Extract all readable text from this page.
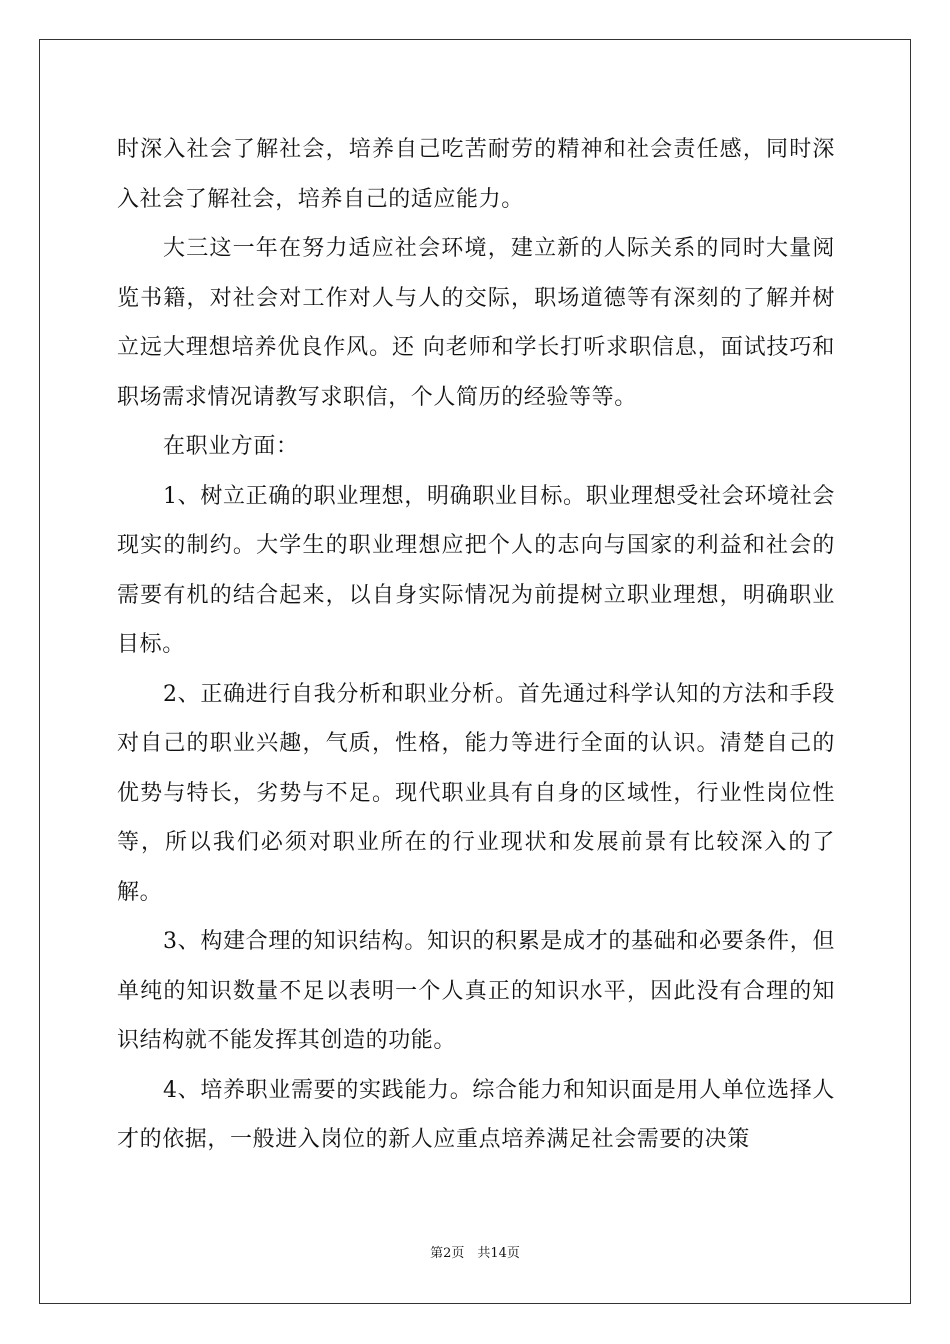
时深入社会了解社会，培养自己吃苦耐劳的精神和社会责任感，同时深入社会了解社会，培养自己的适应能力。

大三这一年在努力适应社会环境，建立新的人际关系的同时大量阅览书籍，对社会对工作对人与人的交际，职场道德等有深刻的了解并树立远大理想培养优良作风。还 向老师和学长打听求职信息，面试技巧和职场需求情况请教写求职信，个人简历的经验等等。

在职业方面：

1、树立正确的职业理想，明确职业目标。职业理想受社会环境社会现实的制约。大学生的职业理想应把个人的志向与国家的利益和社会的需要有机的结合起来，以自身实际情况为前提树立职业理想，明确职业目标。

2、正确进行自我分析和职业分析。首先通过科学认知的方法和手段对自己的职业兴趣，气质，性格，能力等进行全面的认识。清楚自己的优势与特长，劣势与不足。现代职业具有自身的区域性，行业性岗位性等，所以我们必须对职业所在的行业现状和发展前景有比较深入的了解。

3、构建合理的知识结构。知识的积累是成才的基础和必要条件，但单纯的知识数量不足以表明一个人真正的知识水平，因此没有合理的知识结构就不能发挥其创造的功能。

4、培养职业需要的实践能力。综合能力和知识面是用人单位选择人才的依据，一般进入岗位的新人应重点培养满足社会需要的决策

第2页　共14页
